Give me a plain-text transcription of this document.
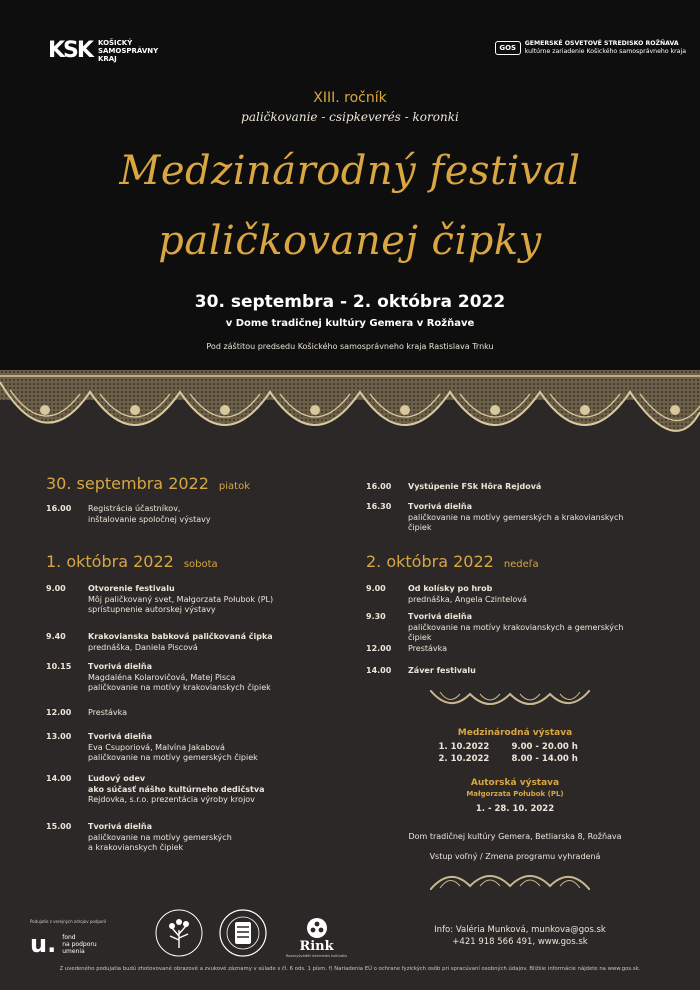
KSK KOŠICKÝ
SAMOSPRÁVNY
KRAJ
GOS
GEMERSKÉ OSVETOVÉ STREDISKO ROŽŇAVA
kultúrne zariadenie Košického samosprávneho kraja
XIII. ročník
paličkovanie - csipkeverés - koronki
Medzinárodný festival
paličkovanej čipky
30. septembra - 2. októbra 2022
v Dome tradičnej kultúry Gemera v Rožňave
Pod záštitou predsedu Košického samosprávneho kraja Rastislava Trnku
30. septembra 2022 piatok
16.00 Registrácia účastníkov,
inštalovanie spoločnej výstavy
16.00 Vystúpenie FSk Hôra Rejdová
16.30 Tvorivá dielňa
paličkovanie na motívy gemerských a krakovianskych čipiek
1. októbra 2022 sobota
9.00	Otvorenie festivalu
Môj paličkovaný svet, Małgorzata Połubok (PL)
sprístupnenie autorskej výstavy
9.40	Krakovianska babková paličkovaná čipka
prednáška, Daniela Piscová
10.15 Tvorivá dielňa
Magdaléna Kolarovičová, Matej Pisca
paličkovanie na motívy krakovianskych čipiek
12.00 Prestávka
13.00 Tvorivá dielňa
Eva Csuporiová, Malvína Jakabová
paličkovanie na motívy gemerských čipiek
14.00 Ľudový odev
ako súčasť nášho kultúrneho dedičstva
Rejdovka, s.r.o. prezentácia výroby krojov
15.00 Tvorivá dielňa
paličkovanie na motívy gemerských
a krakovianskych čipiek
2. októbra 2022 nedeľa
9.00	Od kolísky po hrob
prednáška, Angela Czintelová
9.30	Tvorivá dielňa
paličkovanie na motívy krakovianskych a gemerských čipiek
12.00 Prestávka
14.00 Záver festivalu
Medzinárodná výstava
1. 10.2022	9.00 - 20.00 h
2. 10.2022	8.00 - 14.00 h
Autorská výstava
Małgorzata Połubok (PL)
1. - 28. 10. 2022
Dom tradičnej kultúry Gemera, Betliarska 8, Rožňava
Vstup voľný / Zmena programu vyhradená
Podujatie z verejných zdrojov podporil
u. fond
na podporu
umenia	Rink
Rozsnyóvidéki Internetes kultúrális
Info: Valéria Munková, munkova@gos.sk
+421 918 566 491, www.gos.sk
Z uvedeného podujatia budú zhotovované obrazové a zvukové záznamy v súlade s čl. 6 ods. 1 písm. f) Nariadenia EÚ o ochrane fyzických osôb pri spracúvaní osobných údajov. Bližšie informácie nájdete na www.gos.sk.
